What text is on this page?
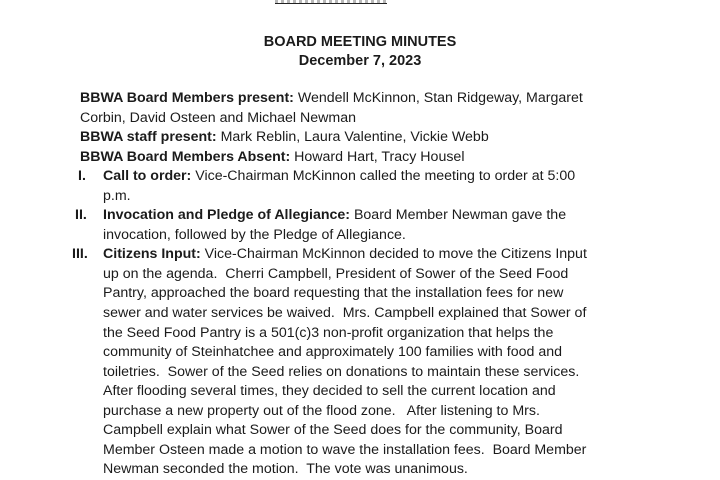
BOARD MEETING MINUTES
December 7, 2023
BBWA Board Members present: Wendell McKinnon, Stan Ridgeway, Margaret
Corbin, David Osteen and Michael Newman
BBWA staff present: Mark Reblin, Laura Valentine, Vickie Webb
BBWA Board Members Absent: Howard Hart, Tracy Housel
I.	Call to order: Vice-Chairman McKinnon called the meeting to order at 5:00
p.m.
II.	Invocation and Pledge of Allegiance: Board Member Newman gave the
invocation, followed by the Pledge of Allegiance.
III. Citizens Input: Vice-Chairman McKinnon decided to move the Citizens Input
up on the agenda.  Cherri Campbell, President of Sower of the Seed Food
Pantry, approached the board requesting that the installation fees for new
sewer and water services be waived.  Mrs. Campbell explained that Sower of
the Seed Food Pantry is a 501(c)3 non-profit organization that helps the
community of Steinhatchee and approximately 100 families with food and
toiletries.  Sower of the Seed relies on donations to maintain these services.
After flooding several times, they decided to sell the current location and
purchase a new property out of the flood zone.   After listening to Mrs.
Campbell explain what Sower of the Seed does for the community, Board
Member Osteen made a motion to wave the installation fees.  Board Member
Newman seconded the motion.  The vote was unanimous.
